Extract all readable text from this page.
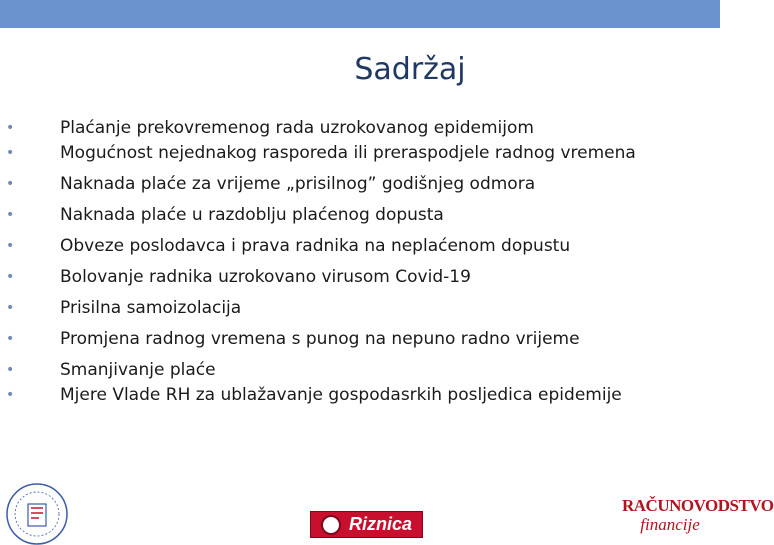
Sadržaj
• Plaćanje prekovremenog rada uzrokovanog epidemijom
• Mogućnost nejednakog rasporeda ili preraspodjele radnog vremena
• Naknada plaće za vrijeme „prisilnog” godišnjeg odmora
• Naknada plaće u razdoblju plaćenog dopusta
• Obveze poslodavca i prava radnika na neplaćenom dopustu
• Bolovanje radnika uzrokovano virusom Covid-19
• Prisilna samoizolacija
• Promjena radnog vremena s punog na nepuno radno vrijeme
• Smanjivanje plaće
• Mjere Vlade RH za ublažavanje gospodasrkih posljedica epidemije
Riznica
RAČUNOVODSTVO
financije
